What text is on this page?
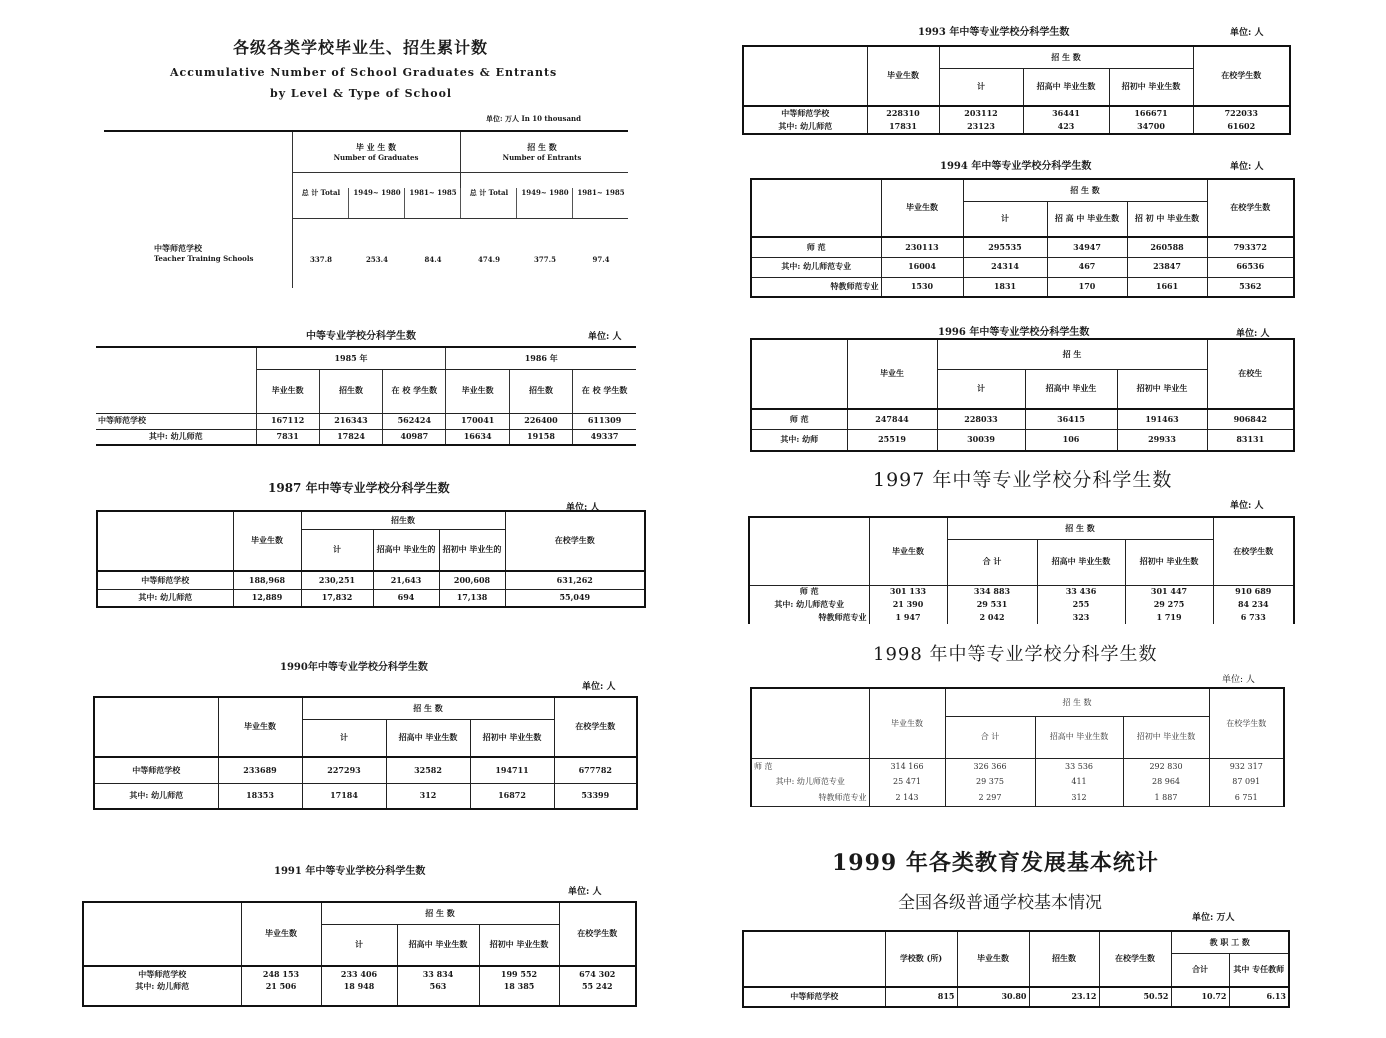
各级各类学校毕业生、招生累计数
Accumulative Number of School Graduates & Entrants
by Level & Type of School
单位: 万人 In 10 thousand
毕 业 生 数
Number of Graduates
招 生 数
Number of Entrants
总 计 Total	1949~ 1980 1981~ 1985	总 计 Total	1949~ 1980 1981~ 1985
中等师范学校
Teacher Training Schools	337.8	253.4	84.4	474.9	377.5	97.4
中等专业学校分科学生数	单位: 人
	1985 年			1986 年		
	毕业生数	招生数	在 校 学生数	毕业生数	招生数	在 校 学生数
中等师范学校	167112	216343	562424	170041	226400	611309
其中: 幼儿师范	7831	17824	40987	16634	19158	49337
1987 年中等专业学校分科学生数
单位: 人
	毕业生数	招生数			在校学生数
		计	招高中 毕业生的	招初中 毕业生的	
中等师范学校	188,968	230,251	21,643	200,608	631,262
其中: 幼儿师范	12,889	17,832	694	17,138	55,049
1990年中等专业学校分科学生数
单位: 人
	毕业生数	招 生 数			在校学生数
		计	招高中 毕业生数	招初中 毕业生数	
中等师范学校	233689	227293	32582	194711	677782
其中: 幼儿师范	18353	17184	312	16872	53399
1991 年中等专业学校分科学生数
单位: 人
	毕业生数	招 生 数			在校学生数
		计	招高中 毕业生数	招初中 毕业生数	
中等师范学校	248 153	233 406	33 834	199 552	674 302
其中: 幼儿师范	21 506	18 948	563	18 385	55 242
1993 年中等专业学校分科学生数	单位: 人
	毕业生数	招 生 数			在校学生数
		计	招高中 毕业生数	招初中 毕业生数	
中等师范学校	228310	203112	36441	166671	722033
其中: 幼儿师范	17831	23123	423	34700	61602
1994 年中等专业学校分科学生数	单位: 人
	毕业生数	招 生 数			在校学生数
		计	招 高 中 毕业生数	招 初 中 毕业生数	
师 范	230113	295535	34947	260588	793372
其中: 幼儿师范专业	16004	24314	467	23847	66536
特教师范专业	1530	1831	170	1661	5362
1996 年中等专业学校分科学生数	单位: 人
	毕业生	招 生			在校生
		计	招高中 毕业生	招初中 毕业生	
师 范	247844	228033	36415	191463	906842
其中: 幼师	25519	30039	106	29933	83131
1997 年中等专业学校分科学生数
单位: 人
	毕业生数	招 生 数			在校学生数
		合 计	招高中 毕业生数	招初中 毕业生数	
师 范	301 133	334 883	33 436	301 447	910 689
其中: 幼儿师范专业	21 390	29 531	255	29 275	84 234
特教师范专业	1 947	2 042	323	1 719	6 733
1998 年中等专业学校分科学生数
单位: 人
	毕业生数	招 生 数			在校学生数
		合 计	招高中 毕业生数	招初中 毕业生数	
师 范	314 166	326 366	33 536	292 830	932 317
其中: 幼儿师范专业	25 471	29 375	411	28 964	87 091
特教师范专业	2 143	2 297	312	1 887	6 751
1999 年各类教育发展基本统计
全国各级普通学校基本情况
单位: 万人
	学校数 (所)	毕业生数	招生数	在校学生数	教 职 工 数	
					合计	其中 专任教师
中等师范学校	815	30.80	23.12	50.52	10.72	6.13
